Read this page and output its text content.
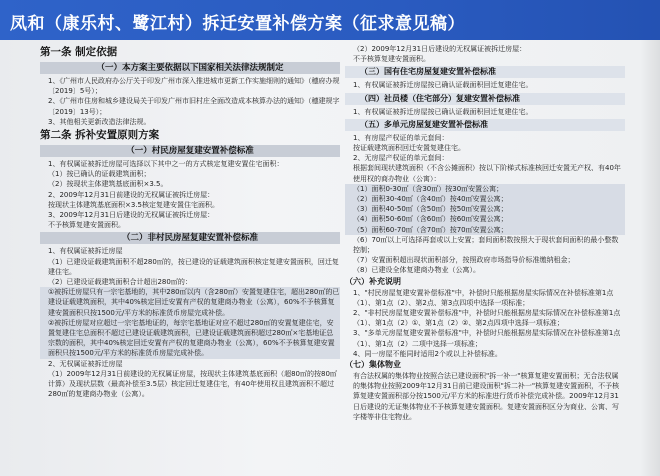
凤和（康乐村、鹭江村）拆迁安置补偿方案（征求意见稿）
第一条 制定依据
（一）本方案主要依据以下国家相关法律法规制定

1、《广州市人民政府办公厅关于印发广州市深入推进城市更新工作实施细则的通知》（穗府办规〔2019〕5号）；

2、《广州市住房和城乡建设局关于印发广州市旧村庄全面改造成本核算办法的通知》（穗建规字〔2019〕13号）；

3、其他相关更新改造法律法规。

第二条 拆补安置原则方案
（一）村民房屋复建安置补偿标准

1、有权属证被拆迁房屋可选择以下其中之一的方式核定复建安置住宅面积：

（1）按已确认的证载建筑面积；

（2）按现状主体建筑基底面积×3.5。

2、2009年12月31日前建设的无权属证被拆迁房屋：

按现状主体建筑基底面积×3.5核定复建安置住宅面积。

3、2009年12月31日后建设的无权属证被拆迁房屋：

不予核算复建安置面积。

（二）非村民房屋复建安置补偿标准

1、有权属证被拆迁房屋

（1）已建设证载建筑面积不超280㎡的，按已建设的证载建筑面积核定复建安置面积，回迁复建住宅。

（2）已建设证载建筑面积合计超出280㎡的：

①被拆迁房屋只有一宗宅基地的，其中280㎡以内（含280㎡）安置复建住宅，超出280㎡的已建设证载建筑面积，其中40%核定回迁安置有产权的复建商办物业（公寓），60%不予核算复建安置面积只按1500元/平方米的标准货币房屋完成补偿。

②被拆迁房屋对应超过一宗宅基地证的，每宗宅基地证对应不超过280㎡的安置复建住宅，安置复建住宅总面积不超过已建设证载建筑面积，已建设证载建筑面积超过280㎡×宅基地证总宗数的面积，其中40%核定回迁安置有产权的复建商办物业（公寓），60%不予核算复建安置面积只按1500元/平方米的标准货币房屋完成补偿。

2、无权属证被拆迁房屋

（1）2009年12月31日前建设的无权属证房屋，按现状主体建筑基底面积（超80㎡的按80㎡计算）及现状层数（最高补偿至3.5层）核定回迁复建住宅，有40年使用权且建筑面积不超过280㎡的复建商办物业（公寓）。

（2）2009年12月31日后建设的无权属证被拆迁房屋：

不予核算复建安置面积。

（三）国有住宅房屋复建安置补偿标准

1、有权属证被拆迁房屋按已确认证载面积回迁复建住宅。

（四）社员楼（住宅部分）复建安置补偿标准

1、有权属证被拆迁房屋按已确认证载面积回迁复建住宅。

（五）多单元房屋复建安置补偿标准

1、有房屋产权证的单元套间：

按证载建筑面积回迁安置复建住宅。

2、无房屋产权证的单元套间：

根据套间现状建筑面积（不含公摊面积）按以下阶梯式标准核回迁安置无产权、有40年使用权的商办物业（公寓）：

（1）面积0-30㎡（含30㎡）按30㎡安置公寓；

（2）面积30-40㎡（含40㎡）按40㎡安置公寓；

（3）面积40-50㎡（含50㎡）按50㎡安置公寓；

（4）面积50-60㎡（含60㎡）按60㎡安置公寓；

（5）面积60-70㎡（含70㎡）按70㎡安置公寓；

（6）70㎡以上可选择再套或以上安置；套间面积数按照大于现状套间面积的最小整数控制；

（7）安置面积超出现状面积部分，按照政府市场指导价标准缴纳租金；

（8）已建设全体复建商办物业（公寓）。

（六）补充说明

1、"村民房屋复建安置补偿标准"中，补偿时只能根据房屋实际情况在补偿标准第1点（1）、第1点（2）、第2点、第3点四项中选择一项标准；

2、"非村民房屋复建安置补偿标准"中，补偿时只能根据房屋实际情况在补偿标准第1点（1）、第1点（2）①、第1点（2）②、第2点四项中选择一项标准；

3、"多单元房屋复建安置补偿标准"中，补偿时只能根据房屋实际情况在补偿标准第1点（1）、第1点（2）二项中选择一项标准；

4、同一房屋不能同时适用2个或以上补偿标准。

（七）集体物业

有合法权属的集体物业按照合法已建设面积"拆一补一"核算复建安置面积；无合法权属的集体物业按照2009年12月31日前已建设面积"拆二补一"核算复建安置面积，不予核算复建安置面积部分按1500元/平方米的标准进行货币补偿完成补偿。2009年12月31日后建设的无证集体物业不予核算复建安置面积。复建安置面积区分为商业、公寓、写字楼等非住宅物业。
